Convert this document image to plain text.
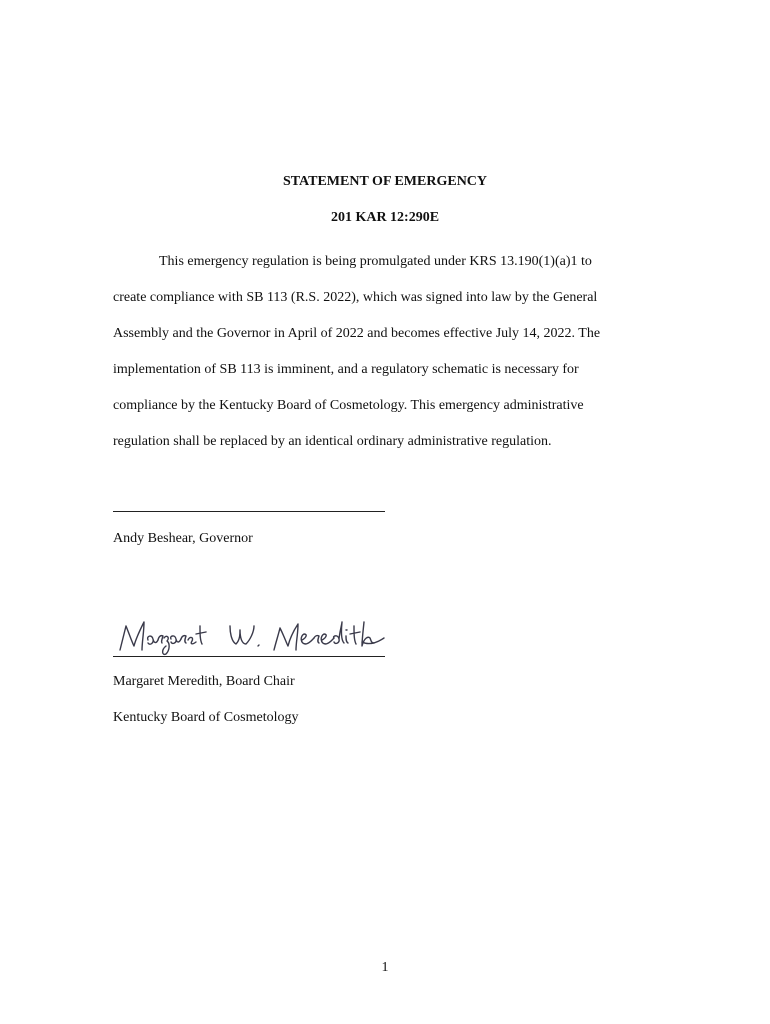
STATEMENT OF EMERGENCY
201 KAR 12:290E

This emergency regulation is being promulgated under KRS 13.190(1)(a)1 to
create compliance with SB 113 (R.S. 2022), which was signed into law by the General
Assembly and the Governor in April of 2022 and becomes effective July 14, 2022. The
implementation of SB 113 is imminent, and a regulatory schematic is necessary for
compliance by the Kentucky Board of Cosmetology. This emergency administrative
regulation shall be replaced by an identical ordinary administrative regulation.

Andy Beshear, Governor
Margaret Meredith, Board Chair
Kentucky Board of Cosmetology
1
